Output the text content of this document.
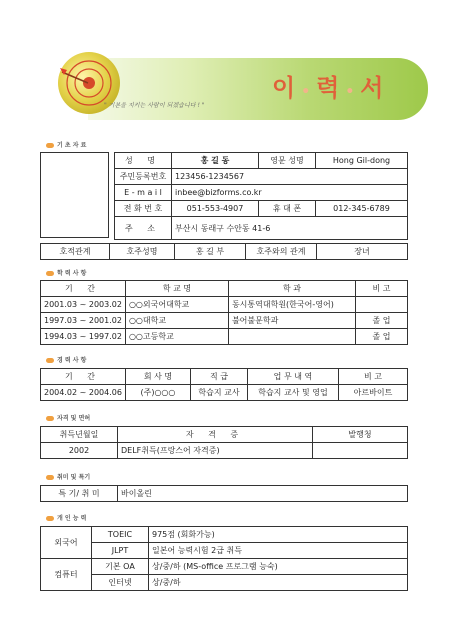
" 기본을 지키는 사람이 되겠습니다 ! "
이 • 력 • 서
기 초 자 료
성 명	홍 길 동	영문 성명	Hong Gil-dong
주민등록번호	123456-1234567		
E - m a i l	inbee@bizforms.co.kr		
전 화 번 호	051-553-4907	휴 대 폰	012-345-6789
주 소	부산시 동래구 수안동 41-6		
호적관계	호주성명	홍 길 부	호주와의 관계	장녀
학 력 사 항
기 간	학 교 명	학 과	비 고
2001.03 ~ 2003.02	○○외국어대학교	동시통역대학원(한국어-영어)	
1997.03 ~ 2001.02	○○대학교	불어불문학과	졸 업
1994.03 ~ 1997.02	○○고등학교		졸 업
경 력 사 항
기 간	회 사 명	직 급	업 무 내 역	비 고
2004.02 ~ 2004.06	(주)○○○	학습지 교사	학습지 교사 및 영업	아르바이트
자격 및 면허
취득년월일	자 격 증	발행청
2002	DELF취득(프랑스어 자격증)	
취미 및 특기
특 기/ 취 미	바이올린
개 인 능 력
외국어	TOEIC	975점 (회화가능)
	JLPT	일본어 능력시험 2급 취득
컴퓨터	기본 OA	상/중/하 (MS-office 프로그램 능숙)
	인터넷	상/중/하
